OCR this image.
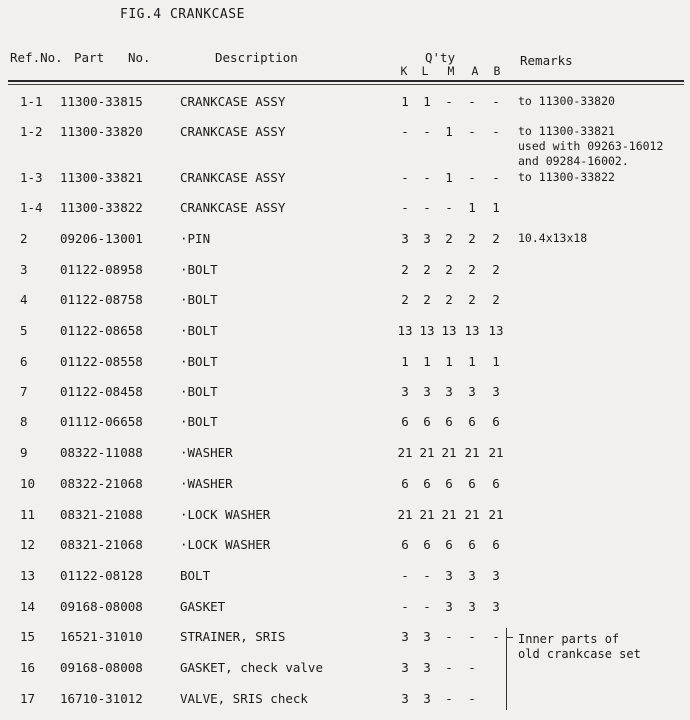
FIG.4 CRANKCASE
Ref.No. Part No.	Description	Q'ty	Remarks
K	L	M	A	B
1-1 11300-33815	CRANKCASE ASSY	1	1	-	-	-	to 11300-33820
1-2 11300-33820	CRANKCASE ASSY	-	-	1	-	-	to 11300-33821
used with 09263-16012
and 09284-16002.
1-3 11300-33821	CRANKCASE ASSY	-	-	1	-	-	to 11300-33822
1-4 11300-33822	CRANKCASE ASSY	-	-	-	1	1
2	09206-13001	·PIN	3	3	2	2	2	10.4x13x18
3	01122-08958	·BOLT	2	2	2	2	2
4	01122-08758	·BOLT	2	2	2	2	2
5	01122-08658	·BOLT	13 13 13 13 13
6	01122-08558	·BOLT	1	1	1	1	1
7	01122-08458	·BOLT	3	3	3	3	3
8	01112-06658	·BOLT	6	6	6	6	6
9	08322-11088	·WASHER	21 21 21 21 21
10 08322-21068	·WASHER	6	6	6	6	6
11 08321-21088	·LOCK WASHER	21 21 21 21 21
12 08321-21068	·LOCK WASHER	6	6	6	6	6
13 01122-08128	BOLT	-	-	3	3	3
14 09168-08008	GASKET	-	-	3	3	3
15 16521-31010	STRAINER, SRIS	3	3	-	-	-
16 09168-08008	GASKET, check valve	3	3	-	-
17 16710-31012	VALVE, SRIS check	3	3	-	-
Inner parts of
old crankcase set
